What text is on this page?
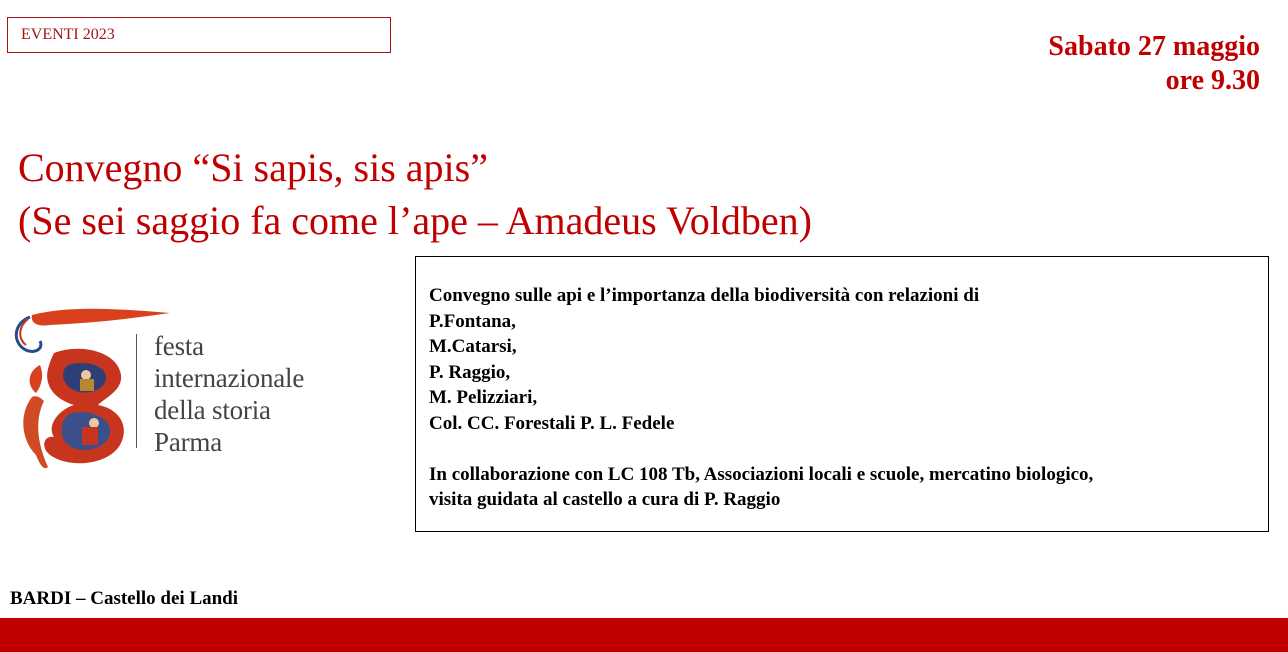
EVENTI 2023	Sabato 27 maggio
ore 9.30
Convegno “Si sapis, sis apis”
(Se sei saggio fa come l’ape – Amadeus Voldben)
festa
internazionale
della storia
Parma
Convegno sulle api e l’importanza della biodiversità con relazioni di
P.Fontana,
M.Catarsi,
P. Raggio,
M. Pelizziari,
Col. CC. Forestali P. L. Fedele
In collaborazione con LC 108 Tb, Associazioni locali e scuole, mercatino biologico,
visita guidata al castello a cura di P. Raggio
BARDI – Castello dei Landi
